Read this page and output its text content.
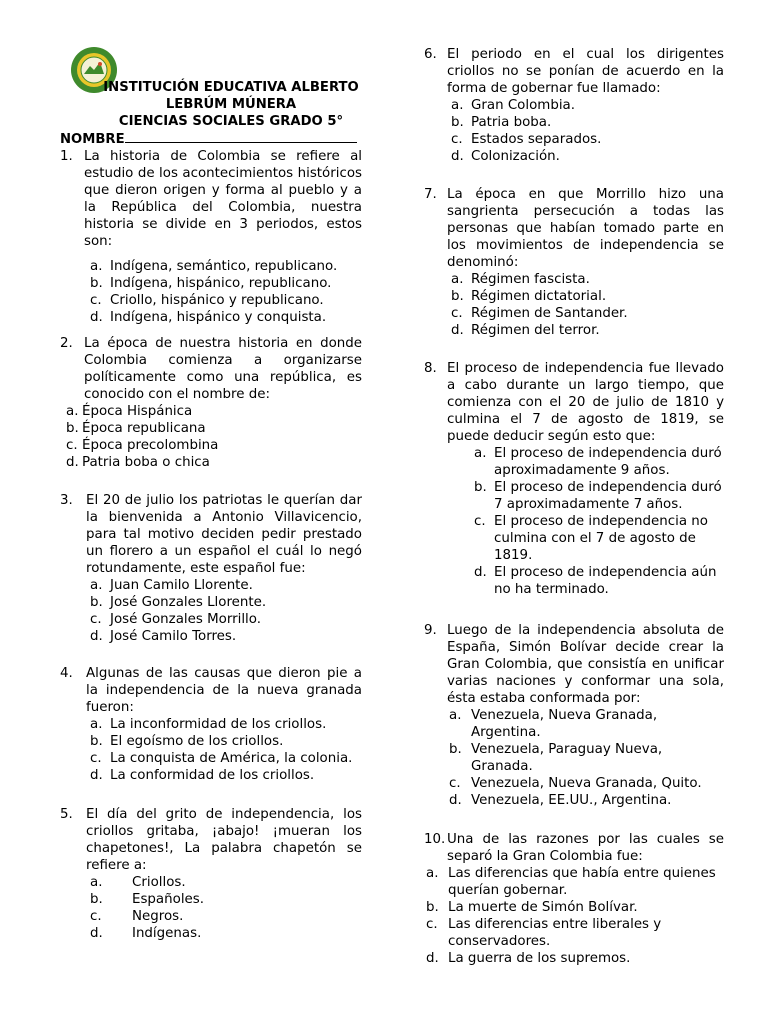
INSTITUCIÓN EDUCATIVA ALBERTO
LEBRÚM MÚNERA
CIENCIAS SOCIALES GRADO 5°
NOMBRE
1. La historia de Colombia se refiere al estudio de los acontecimientos históricos que dieron origen y forma al pueblo y a la República del Colombia, nuestra historia se divide en 3 periodos, estos son:
a. Indígena, semántico, republicano.
b. Indígena, hispánico, republicano.
c. Criollo, hispánico y republicano.
d. Indígena, hispánico y conquista.
2. La época de nuestra historia en donde Colombia comienza a organizarse políticamente como una república, es conocido con el nombre de:
a. Época Hispánica
b. Época republicana
c. Época precolombina
d. Patria boba o chica
3. El 20 de julio los patriotas le querían dar la bienvenida a Antonio Villavicencio, para tal motivo deciden pedir prestado un florero a un español el cuál lo negó rotundamente, este español fue:
a. Juan Camilo Llorente.
b. José Gonzales Llorente.
c. José Gonzales Morrillo.
d. José Camilo Torres.
4. Algunas de las causas que dieron pie a la independencia de la nueva granada fueron:
a. La inconformidad de los criollos.
b. El egoísmo de los criollos.
c. La conquista de América, la colonia.
d. La conformidad de los criollos.
5. El día del grito de independencia, los criollos gritaba, ¡abajo! ¡mueran los chapetones!, La palabra chapetón se refiere a:
a.	Criollos.
b.	Españoles.
c.	Negros.
d.	Indígenas.
6. El periodo en el cual los dirigentes criollos no se ponían de acuerdo en la forma de gobernar fue llamado:
a. Gran Colombia.
b. Patria boba.
c. Estados separados.
d. Colonización.
7. La época en que Morrillo hizo una sangrienta persecución a todas las personas que habían tomado parte en los movimientos de independencia se denominó:
a. Régimen fascista.
b. Régimen dictatorial.
c. Régimen de Santander.
d. Régimen del terror.
8. El proceso de independencia fue llevado a cabo durante un largo tiempo, que comienza con el 20 de julio de 1810 y culmina el 7 de agosto de 1819, se puede deducir según esto que:
a. El proceso de independencia duró aproximadamente 9 años.
b. El proceso de independencia duró 7 aproximadamente 7 años.
c. El proceso de independencia no culmina con el 7 de agosto de 1819.
d. El proceso de independencia aún no ha terminado.
9. Luego de la independencia absoluta de España, Simón Bolívar decide crear la Gran Colombia, que consistía en unificar varias naciones y conformar una sola, ésta estaba conformada por:
a. Venezuela, Nueva Granada, Argentina.
b. Venezuela, Paraguay Nueva, Granada.
c. Venezuela, Nueva Granada, Quito.
d. Venezuela, EE.UU., Argentina.
10. Una de las razones por las cuales se separó la Gran Colombia fue:
a. Las diferencias que había entre quienes querían gobernar.
b. La muerte de Simón Bolívar.
c. Las diferencias entre liberales y conservadores.
d. La guerra de los supremos.
